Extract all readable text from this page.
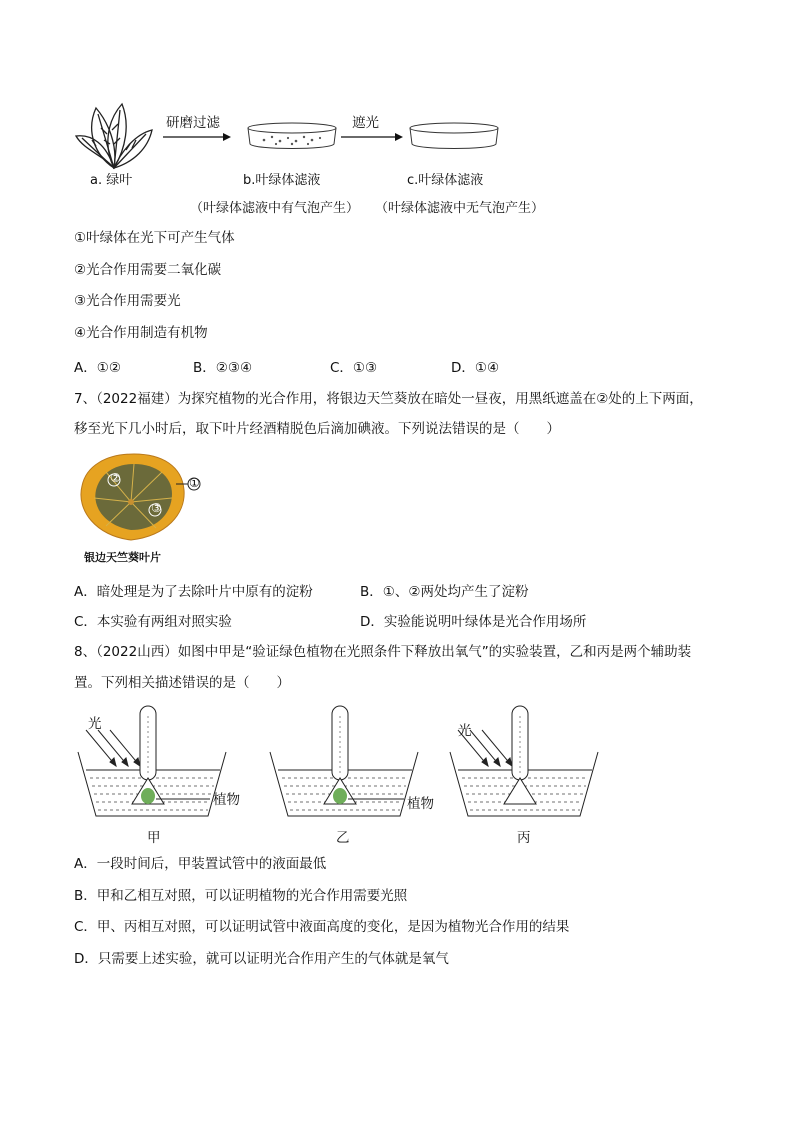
研磨过滤	遮光
a. 绿叶	b.叶绿体滤液	c.叶绿体滤液
（叶绿体滤液中有气泡产生） （叶绿体滤液中无气泡产生）
①叶绿体在光下可产生气体
②光合作用需要二氧化碳
③光合作用需要光
④光合作用制造有机物
A．①②	B．②③④	C．①③	D．①④
7、（2022福建）为探究植物的光合作用，将银边天竺葵放在暗处一昼夜，用黑纸遮盖在②处的上下两面，
移至光下几小时后，取下叶片经酒精脱色后滴加碘液。下列说法错误的是（　　）
①
②
③
银边天竺葵叶片
A．暗处理是为了去除叶片中原有的淀粉	B．①、②两处均产生了淀粉
C．本实验有两组对照实验	D．实验能说明叶绿体是光合作用场所
8、（2022山西）如图中甲是“验证绿色植物在光照条件下释放出氧气”的实验装置，乙和丙是两个辅助装
置。下列相关描述错误的是（　　）
光
植物
甲
植物
乙
光
丙
A．一段时间后，甲装置试管中的液面最低
B．甲和乙相互对照，可以证明植物的光合作用需要光照
C．甲、丙相互对照，可以证明试管中液面高度的变化，是因为植物光合作用的结果
D．只需要上述实验，就可以证明光合作用产生的气体就是氧气
